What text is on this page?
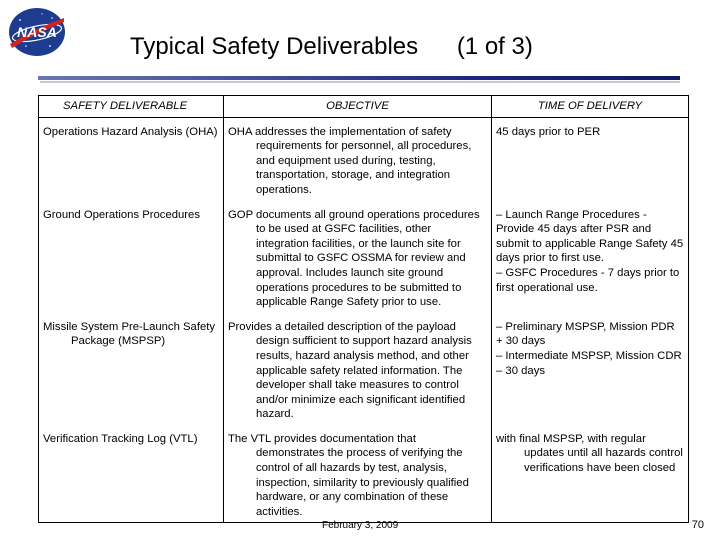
NASA
Typical Safety Deliverables (1 of 3)
SAFETY DELIVERABLE	OBJECTIVE	TIME OF DELIVERY

Operations Hazard Analysis (OHA)	OHA addresses the implementation of safety requirements for personnel, all procedures, and equipment used during, testing, transportation, storage, and integration operations.	45 days prior to PER

Ground Operations Procedures	GOP documents all ground operations procedures to be used at GSFC facilities, other integration facilities, or the launch site for submittal to GSFC OSSMA for review and approval. Includes launch site ground operations procedures to be submitted to applicable Range Safety prior to use.	– Launch Range Procedures - Provide 45 days after PSR and submit to applicable Range Safety 45 days prior to first use.
– GSFC Procedures - 7 days prior to first operational use.

Missile System Pre-Launch Safety Package (MSPSP)	Provides a detailed description of the payload design sufficient to support hazard analysis results, hazard analysis method, and other applicable safety related information. The developer shall take measures to control and/or minimize each significant identified hazard.	– Preliminary MSPSP, Mission PDR + 30 days
– Intermediate MSPSP, Mission CDR – 30 days

Verification Tracking Log (VTL)	The VTL provides documentation that demonstrates the process of verifying the control of all hazards by test, analysis, inspection, similarity to previously qualified hardware, or any combination of these activities.	with final MSPSP, with regular updates until all hazards control verifications have been closed
February 3, 2009	70
